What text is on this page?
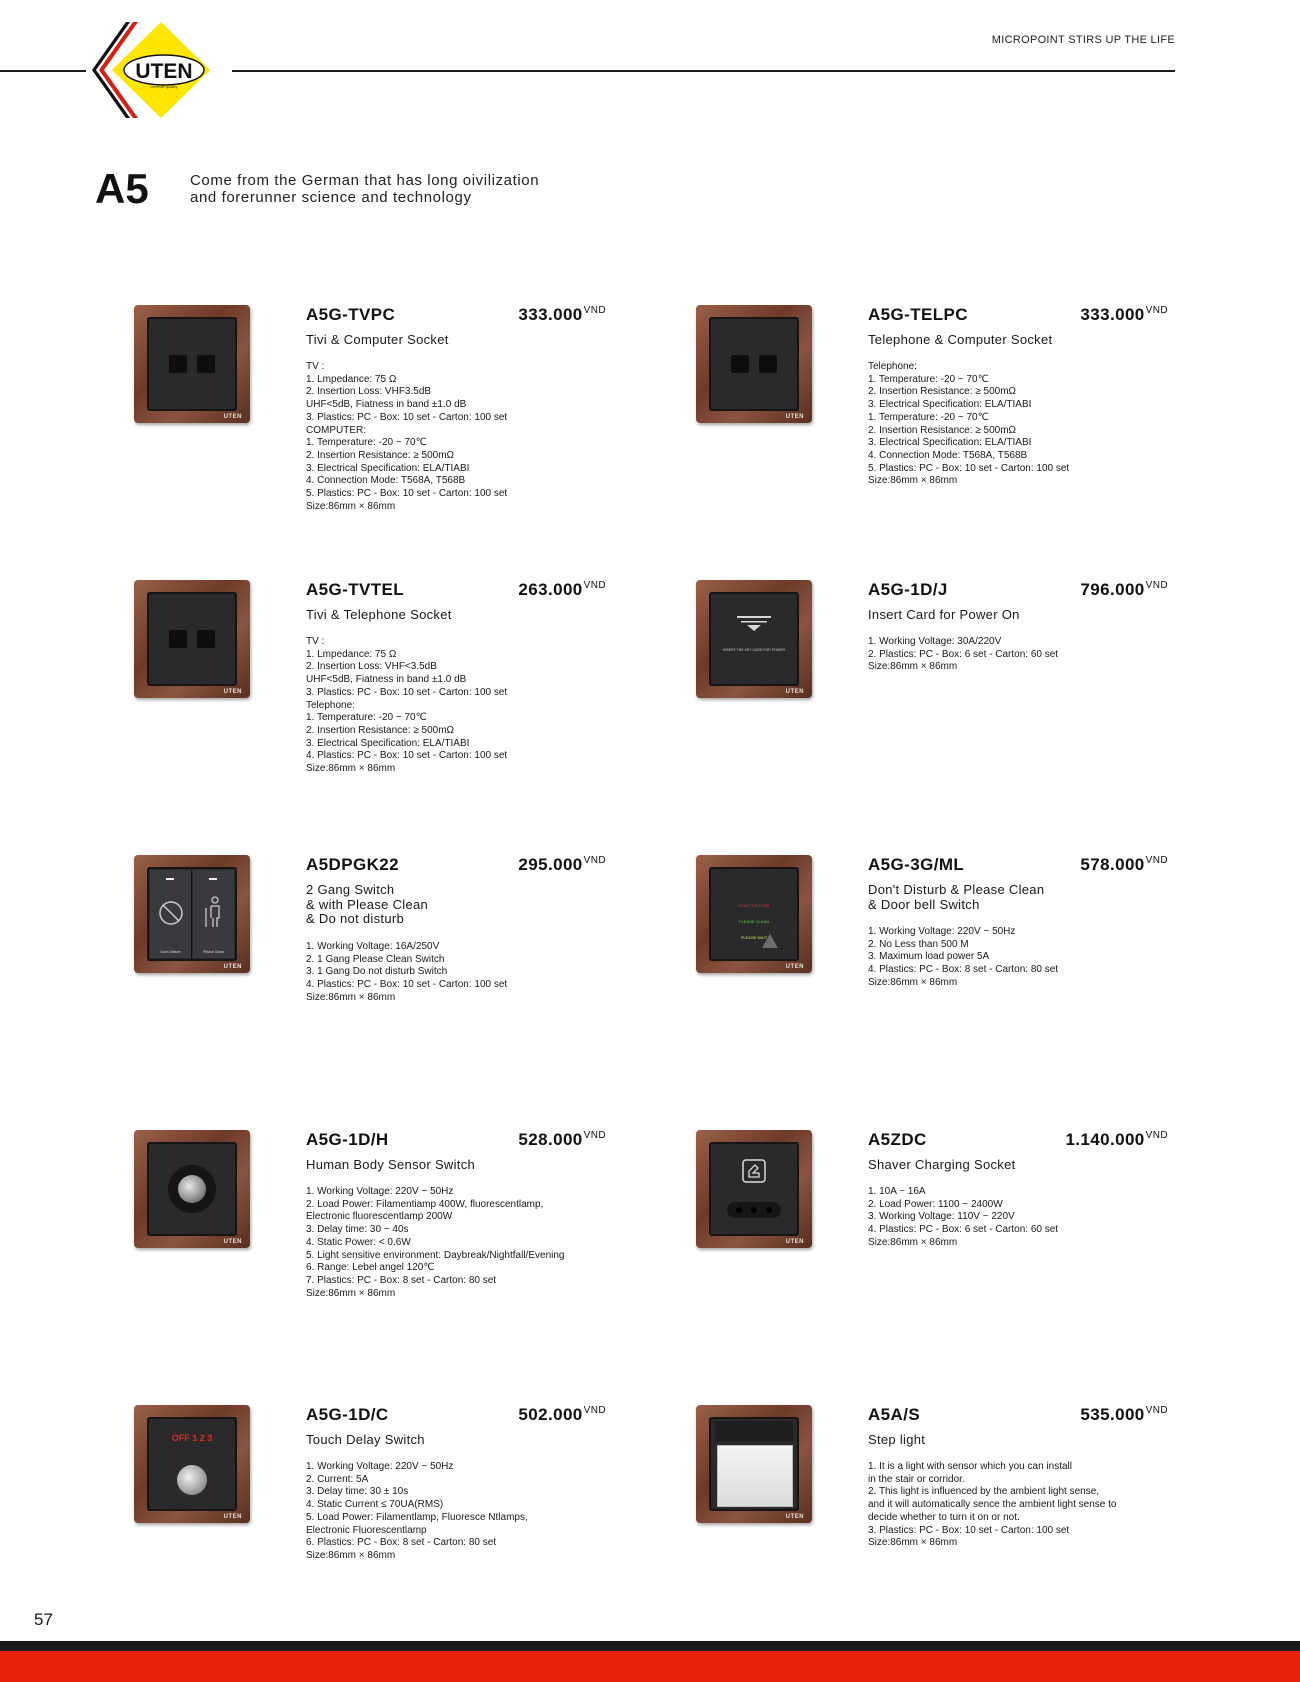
UTEN
German quality
MICROPOINT STIRS UP THE LIFE
A5	Come from the German that has long oivilization
and forerunner science and technology
UTEN
A5G-TVPC	$333.000^{VND}$
Tivi & Computer Socket
TV :
1. Lmpedance: 75 Ω
2. Insertion Loss: VHF3.5dB
UHF<5dB, Fiatness in band ±1.0 dB
3. Plastics: PC - Box: 10 set - Carton: 100 set
COMPUTER:
1. Temperature: -20 ~ 70℃
2. Insertion Resistance: ≥ 500mΩ
3. Electrical Specification: ELA/TIABI
4. Connection Mode: T568A, T568B
5. Plastics: PC - Box: 10 set - Carton: 100 set
Size:86mm × 86mm
UTEN
A5G-TELPC	$333.000^{VND}$
Telephone & Computer Socket
Telephone:
1. Temperature: -20 ~ 70℃
2. Insertion Resistance: ≥ 500mΩ
3. Electrical Specification: ELA/TIABI
1. Temperature: -20 ~ 70℃
2. Insertion Resistance: ≥ 500mΩ
3. Electrical Specification: ELA/TIABI
4. Connection Mode: T568A, T568B
5. Plastics: PC - Box: 10 set - Carton: 100 set
Size:86mm × 86mm
UTEN
A5G-TVTEL	$263.000^{VND}$
Tivi & Telephone Socket
TV :
1. Lmpedance: 75 Ω
2. Insertion Loss: VHF<3.5dB
UHF<5dB, Fiatness in band ±1.0 dB
3. Plastics: PC - Box: 10 set - Carton: 100 set
Telephone:
1. Temperature: -20 ~ 70℃
2. Insertion Resistance: ≥ 500mΩ
3. Electrical Specification: ELA/TIABI
4. Plastics: PC - Box: 10 set - Carton: 100 set
Size:86mm × 86mm
INSERT THE KEY CARD FOR POWER
UTEN
A5G-1D/J	$796.000^{VND}$
Insert Card for Power On
1. Working Voltage: 30A/220V
2. Plastics: PC - Box: 6 set - Carton: 60 set
Size:86mm × 86mm
Don't Disturb	Please Clean
UTEN
A5DPGK22	$295.000^{VND}$
2 Gang Switch
& with Please Clean
& Do not disturb
1. Working Voltage: 16A/250V
2. 1 Gang Please Clean Switch
3. 1 Gang Do not disturb Switch
4. Plastics: PC - Box: 10 set - Carton: 100 set
Size:86mm × 86mm
DON'T DISTURB
PLEASE CLEAN
PLEASE WAIT
UTEN
A5G-3G/ML	$578.000^{VND}$
Don't Disturb & Please Clean
& Door bell Switch
1. Working Voltage: 220V ~ 50Hz
2. No Less than 500 M
3. Maximum load power 5A
4. Plastics: PC - Box: 8 set - Carton: 80 set
Size:86mm × 86mm
UTEN
A5G-1D/H	$528.000^{VND}$
Human Body Sensor Switch
1. Working Voltage: 220V ~ 50Hz
2. Load Power: Filamentiamp 400W, fluorescentlamp,
Electronic fluorescentlamp 200W
3. Delay time: 30 ~ 40s
4. Static Power: < 0.6W
5. Light sensitive environment: Daybreak/Nightfall/Evening
6. Range: Lebel angel 120℃
7. Plastics: PC - Box: 8 set - Carton: 80 set
Size:86mm × 86mm
UTEN
A5ZDC	$1.140.000^{VND}$
Shaver Charging Socket
1. 10A ~ 16A
2. Load Power: 1100 ~ 2400W
3. Working Voltage: 110V ~ 220V
4. Plastics: PC - Box: 6 set - Carton: 60 set
Size:86mm × 86mm
OFF 1 2 3
UTEN
A5G-1D/C	$502.000^{VND}$
Touch Delay Switch
1. Working Voltage: 220V ~ 50Hz
2. Current: 5A
3. Delay time: 30 ± 10s
4. Static Current ≤ 70UA(RMS)
5. Load Power: Filamentlamp, Fluoresce Ntlamps,
Electronic Fluorescentlamp
6. Plastics: PC - Box: 8 set - Carton: 80 set
Size:86mm × 86mm
UTEN
A5A/S	$535.000^{VND}$
Step light
1. It is a light with sensor which you can install
in the stair or corridor.
2. This light is influenced by the ambient light sense,
and it will automatically sence the ambient light sense to
decide whether to turn it on or not.
3. Plastics: PC - Box: 10 set - Carton: 100 set
Size:86mm × 86mm
57
